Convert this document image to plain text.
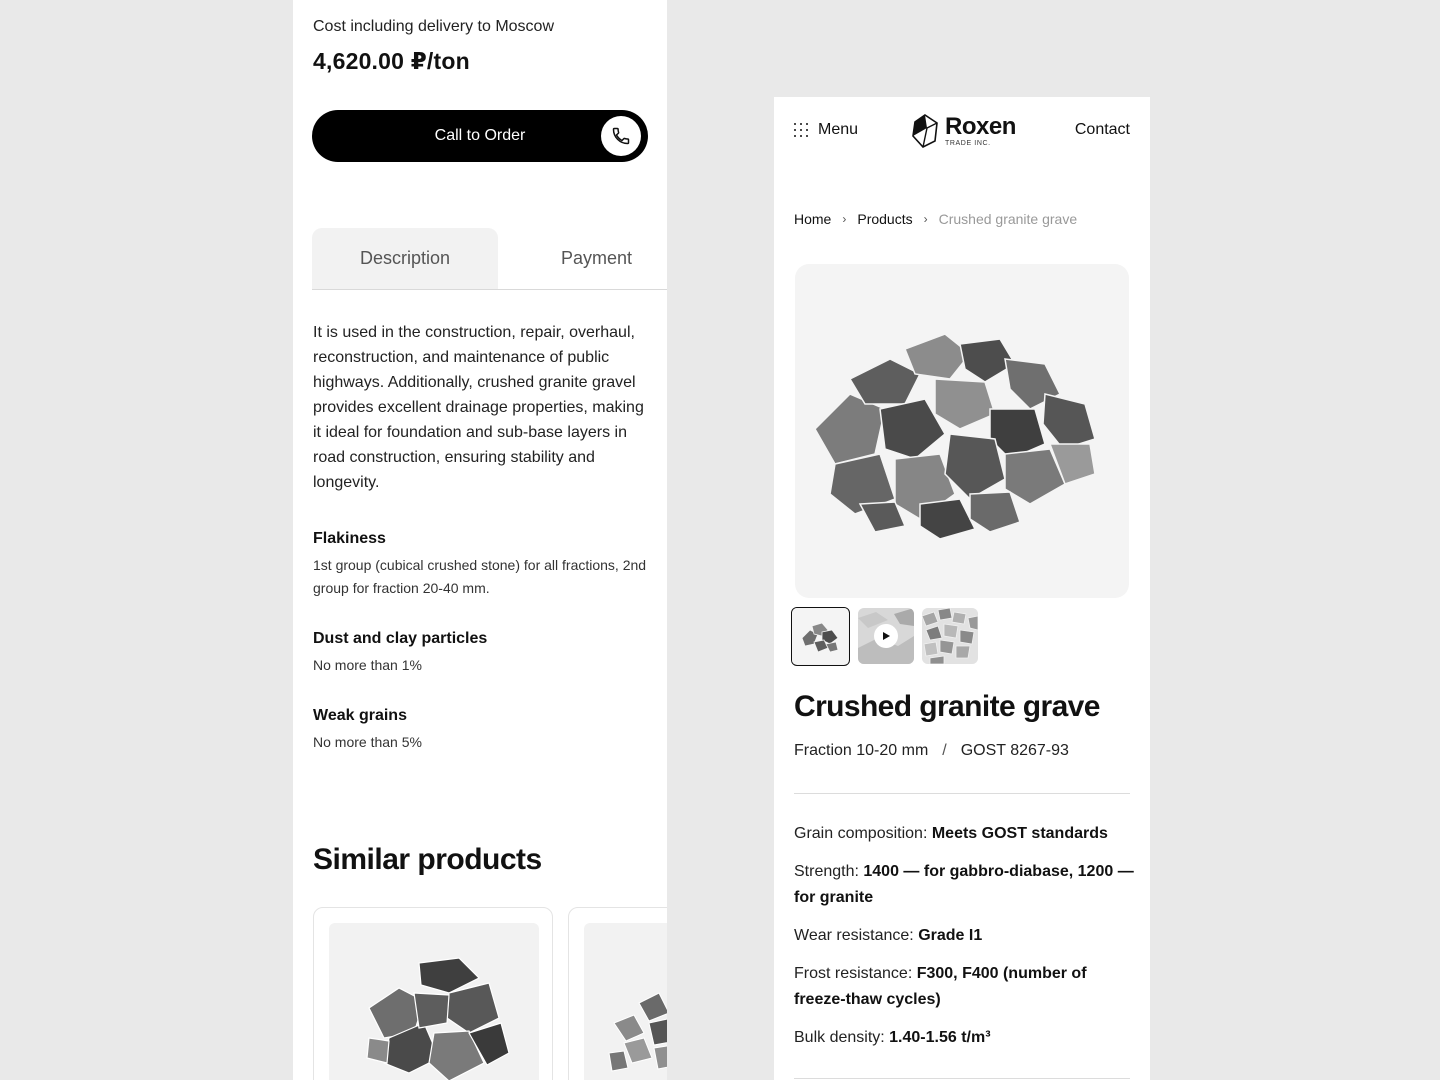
Cost including delivery to Moscow
4,620.00 ₽/ton
Call to Order
Description	Payment

It is used in the construction, repair, overhaul, reconstruction, and maintenance of public highways. Additionally, crushed granite gravel provides excellent drainage properties, making it ideal for foundation and sub-base layers in road construction, ensuring stability and longevity.

Flakiness
1st group (cubical crushed stone) for all fractions, 2nd group for fraction 20-40 mm.
Dust and clay particles
No more than 1%
Weak grains
No more than 5%
Similar products
Menu	Roxen
TRADE INC.
Contact
Home › Products › Crushed granite grave
Crushed granite grave
Fraction 10-20 mm / GOST 8267-93
Grain composition: Meets GOST standards
Strength: 1400 — for gabbro-diabase, 1200 — for granite
Wear resistance: Grade I1
Frost resistance: F300, F400 (number of freeze-thaw cycles)
Bulk density: 1.40-1.56 t/m³
